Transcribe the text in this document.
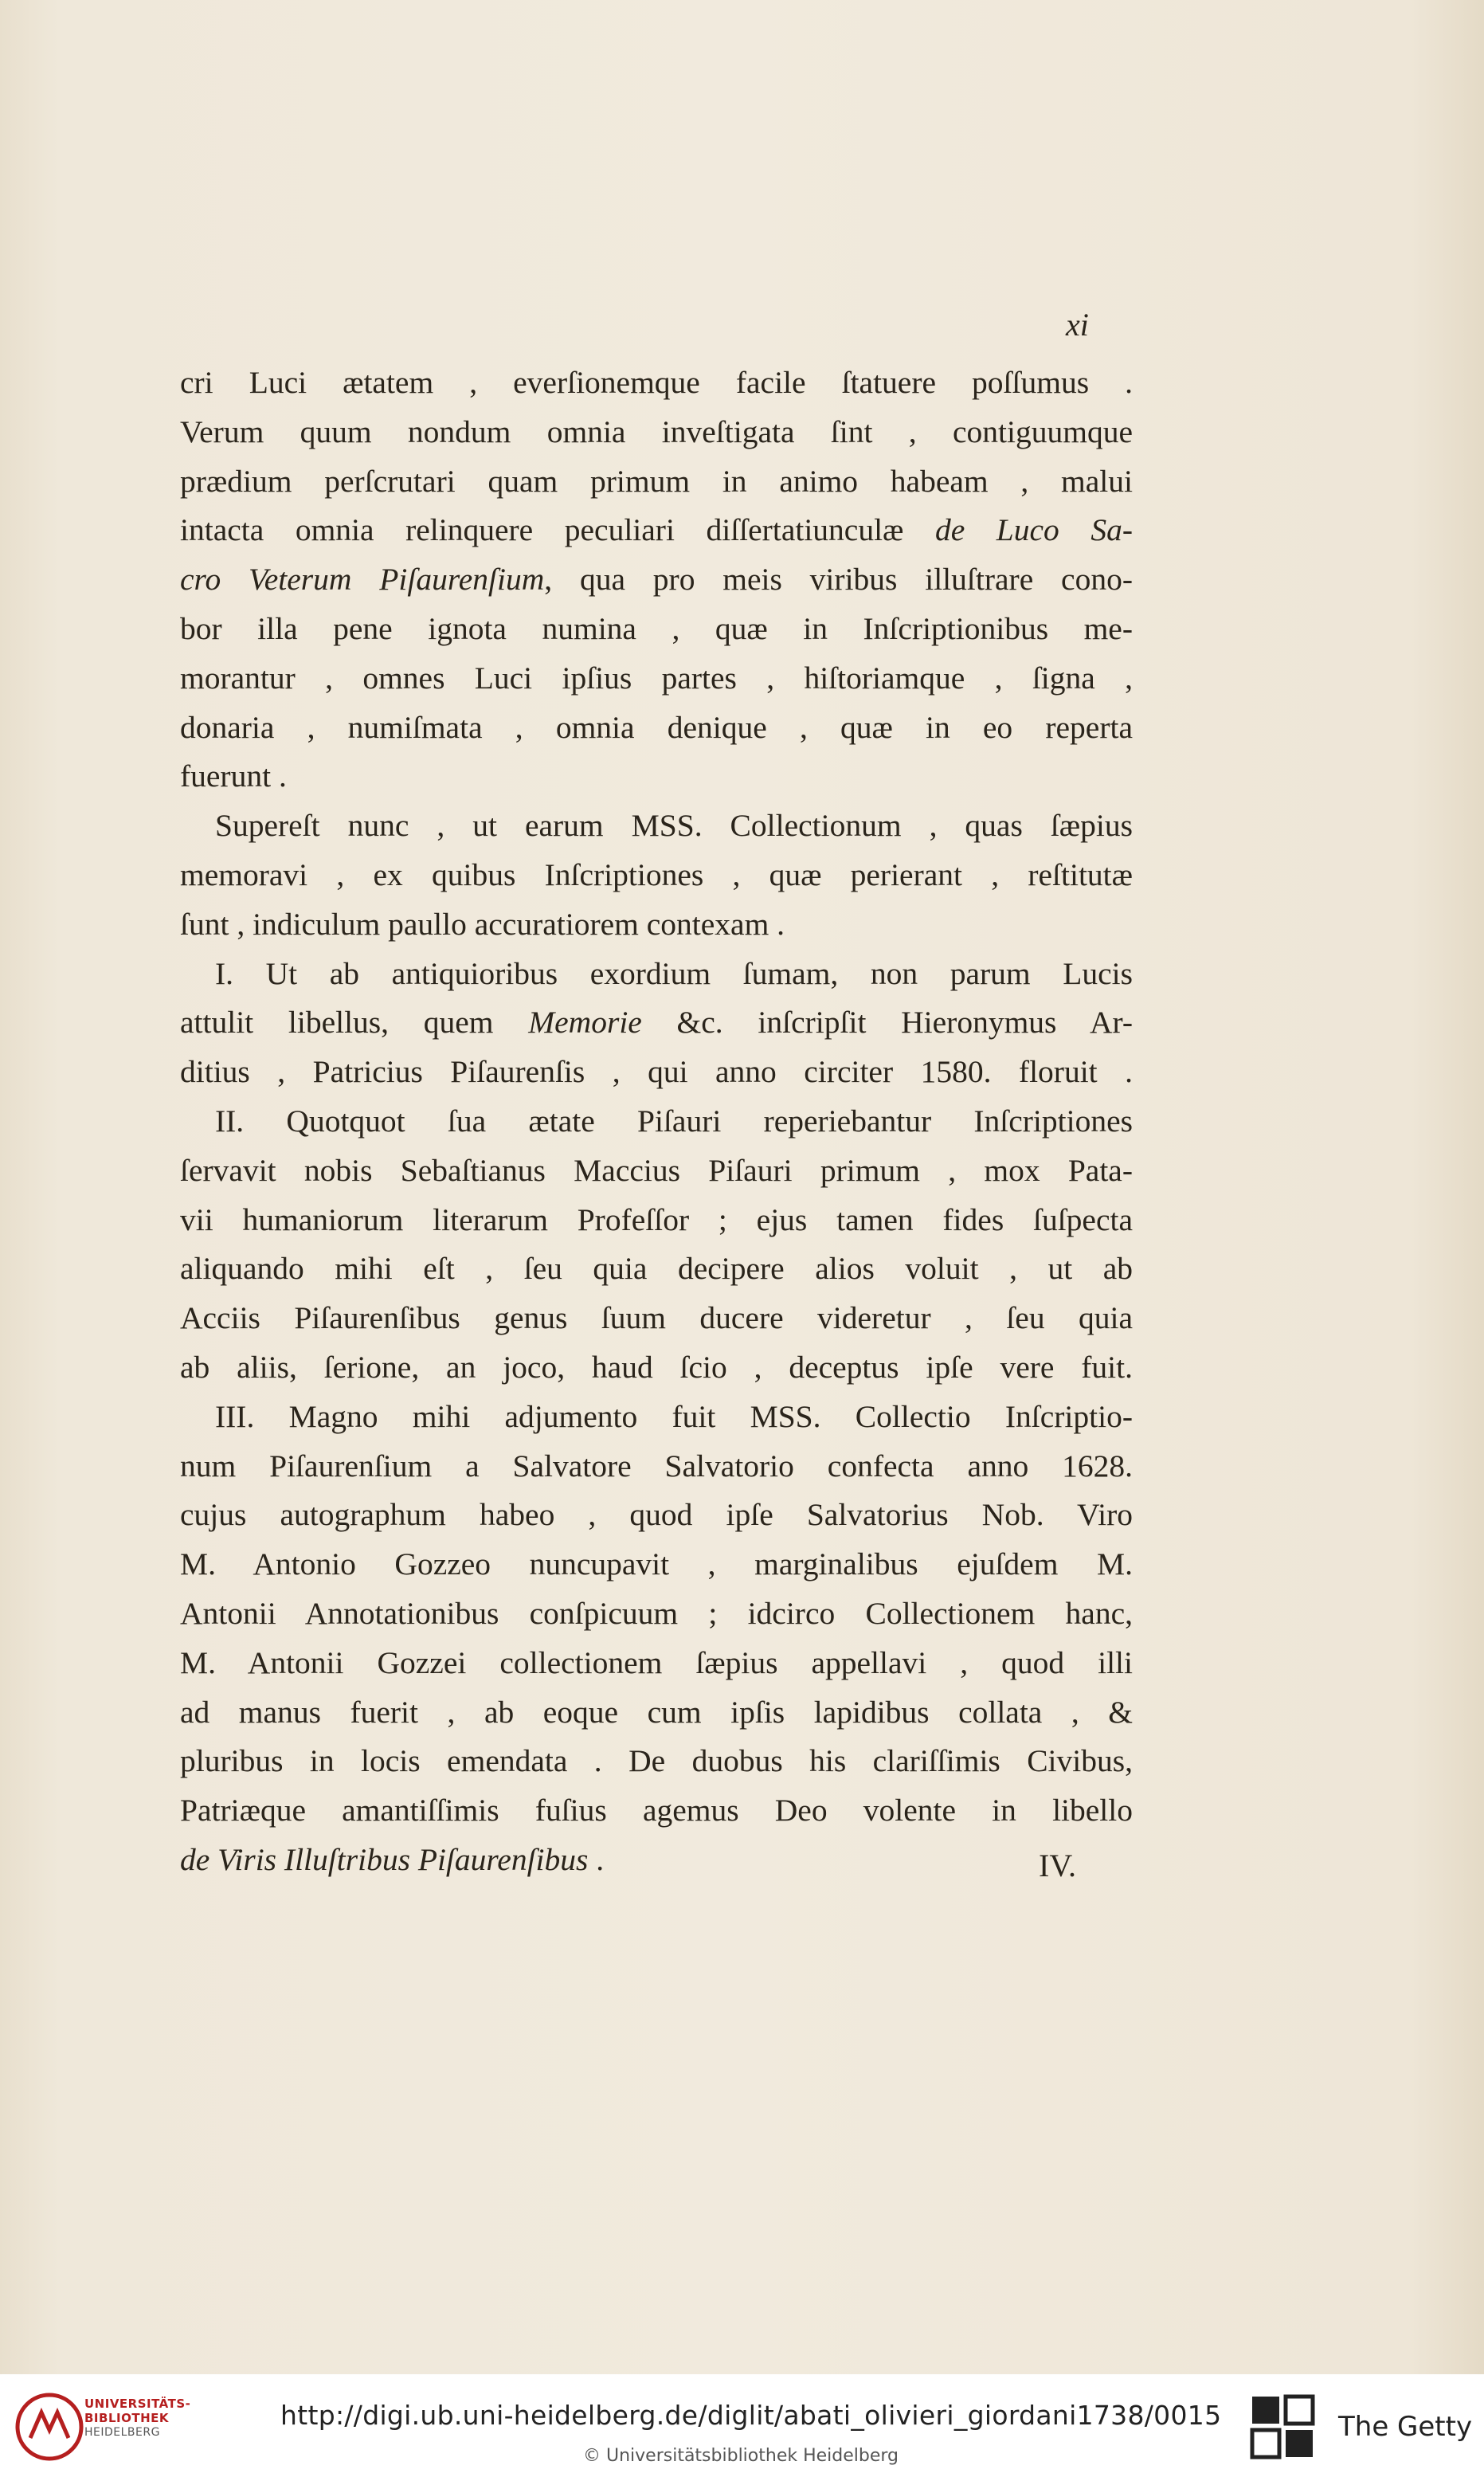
xi
cri Luci ætatem , everſionemque facile ſtatuere poſſumus .
Verum quum nondum omnia inveſtigata ſint , contiguumque
prædium perſcrutari quam primum in animo habeam , malui
intacta omnia relinquere peculiari diſſertatiunculæ de Luco Sa-
cro Veterum Piſaurenſium, qua pro meis viribus illuſtrare cono-
bor illa pene ignota numina , quæ in Inſcriptionibus me-
morantur , omnes Luci ipſius partes , hiſtoriamque , ſigna ,
donaria , numiſmata , omnia denique , quæ in eo reperta
fuerunt .
Supereſt nunc , ut earum MSS. Collectionum , quas ſæpius
memoravi , ex quibus Inſcriptiones , quæ perierant , reſtitutæ
ſunt , indiculum paullo accuratiorem contexam .
I. Ut ab antiquioribus exordium ſumam, non parum Lucis
attulit libellus, quem Memorie &c. inſcripſit Hieronymus Ar-
ditius , Patricius Piſaurenſis , qui anno circiter 1580. floruit .
II. Quotquot ſua ætate Piſauri reperiebantur Inſcriptiones
ſervavit nobis Sebaſtianus Maccius Piſauri primum , mox Pata-
vii humaniorum literarum Profeſſor ; ejus tamen fides ſuſpecta
aliquando mihi eſt , ſeu quia decipere alios voluit , ut ab
Acciis Piſaurenſibus genus ſuum ducere videretur , ſeu quia
ab aliis, ſerione, an joco, haud ſcio , deceptus ipſe vere fuit.
III. Magno mihi adjumento fuit MSS. Collectio Inſcriptio-
num Piſaurenſium a Salvatore Salvatorio confecta anno 1628.
cujus autographum habeo , quod ipſe Salvatorius Nob. Viro
M. Antonio Gozzeo nuncupavit , marginalibus ejuſdem M.
Antonii Annotationibus conſpicuum ; idcirco Collectionem hanc,
M. Antonii Gozzei collectionem ſæpius appellavi , quod illi
ad manus fuerit , ab eoque cum ipſis lapidibus collata , &
pluribus in locis emendata . De duobus his clariſſimis Civibus,
Patriæque amantiſſimis fuſius agemus Deo volente in libello
de Viris Illuſtribus Piſaurenſibus .	IV.
UNIVERSITÄTS-
BIBLIOTHEK
HEIDELBERG
http://digi.ub.uni-heidelberg.de/diglit/abati_olivieri_giordani1738/0015
© Universitätsbibliothek Heidelberg
The Getty
